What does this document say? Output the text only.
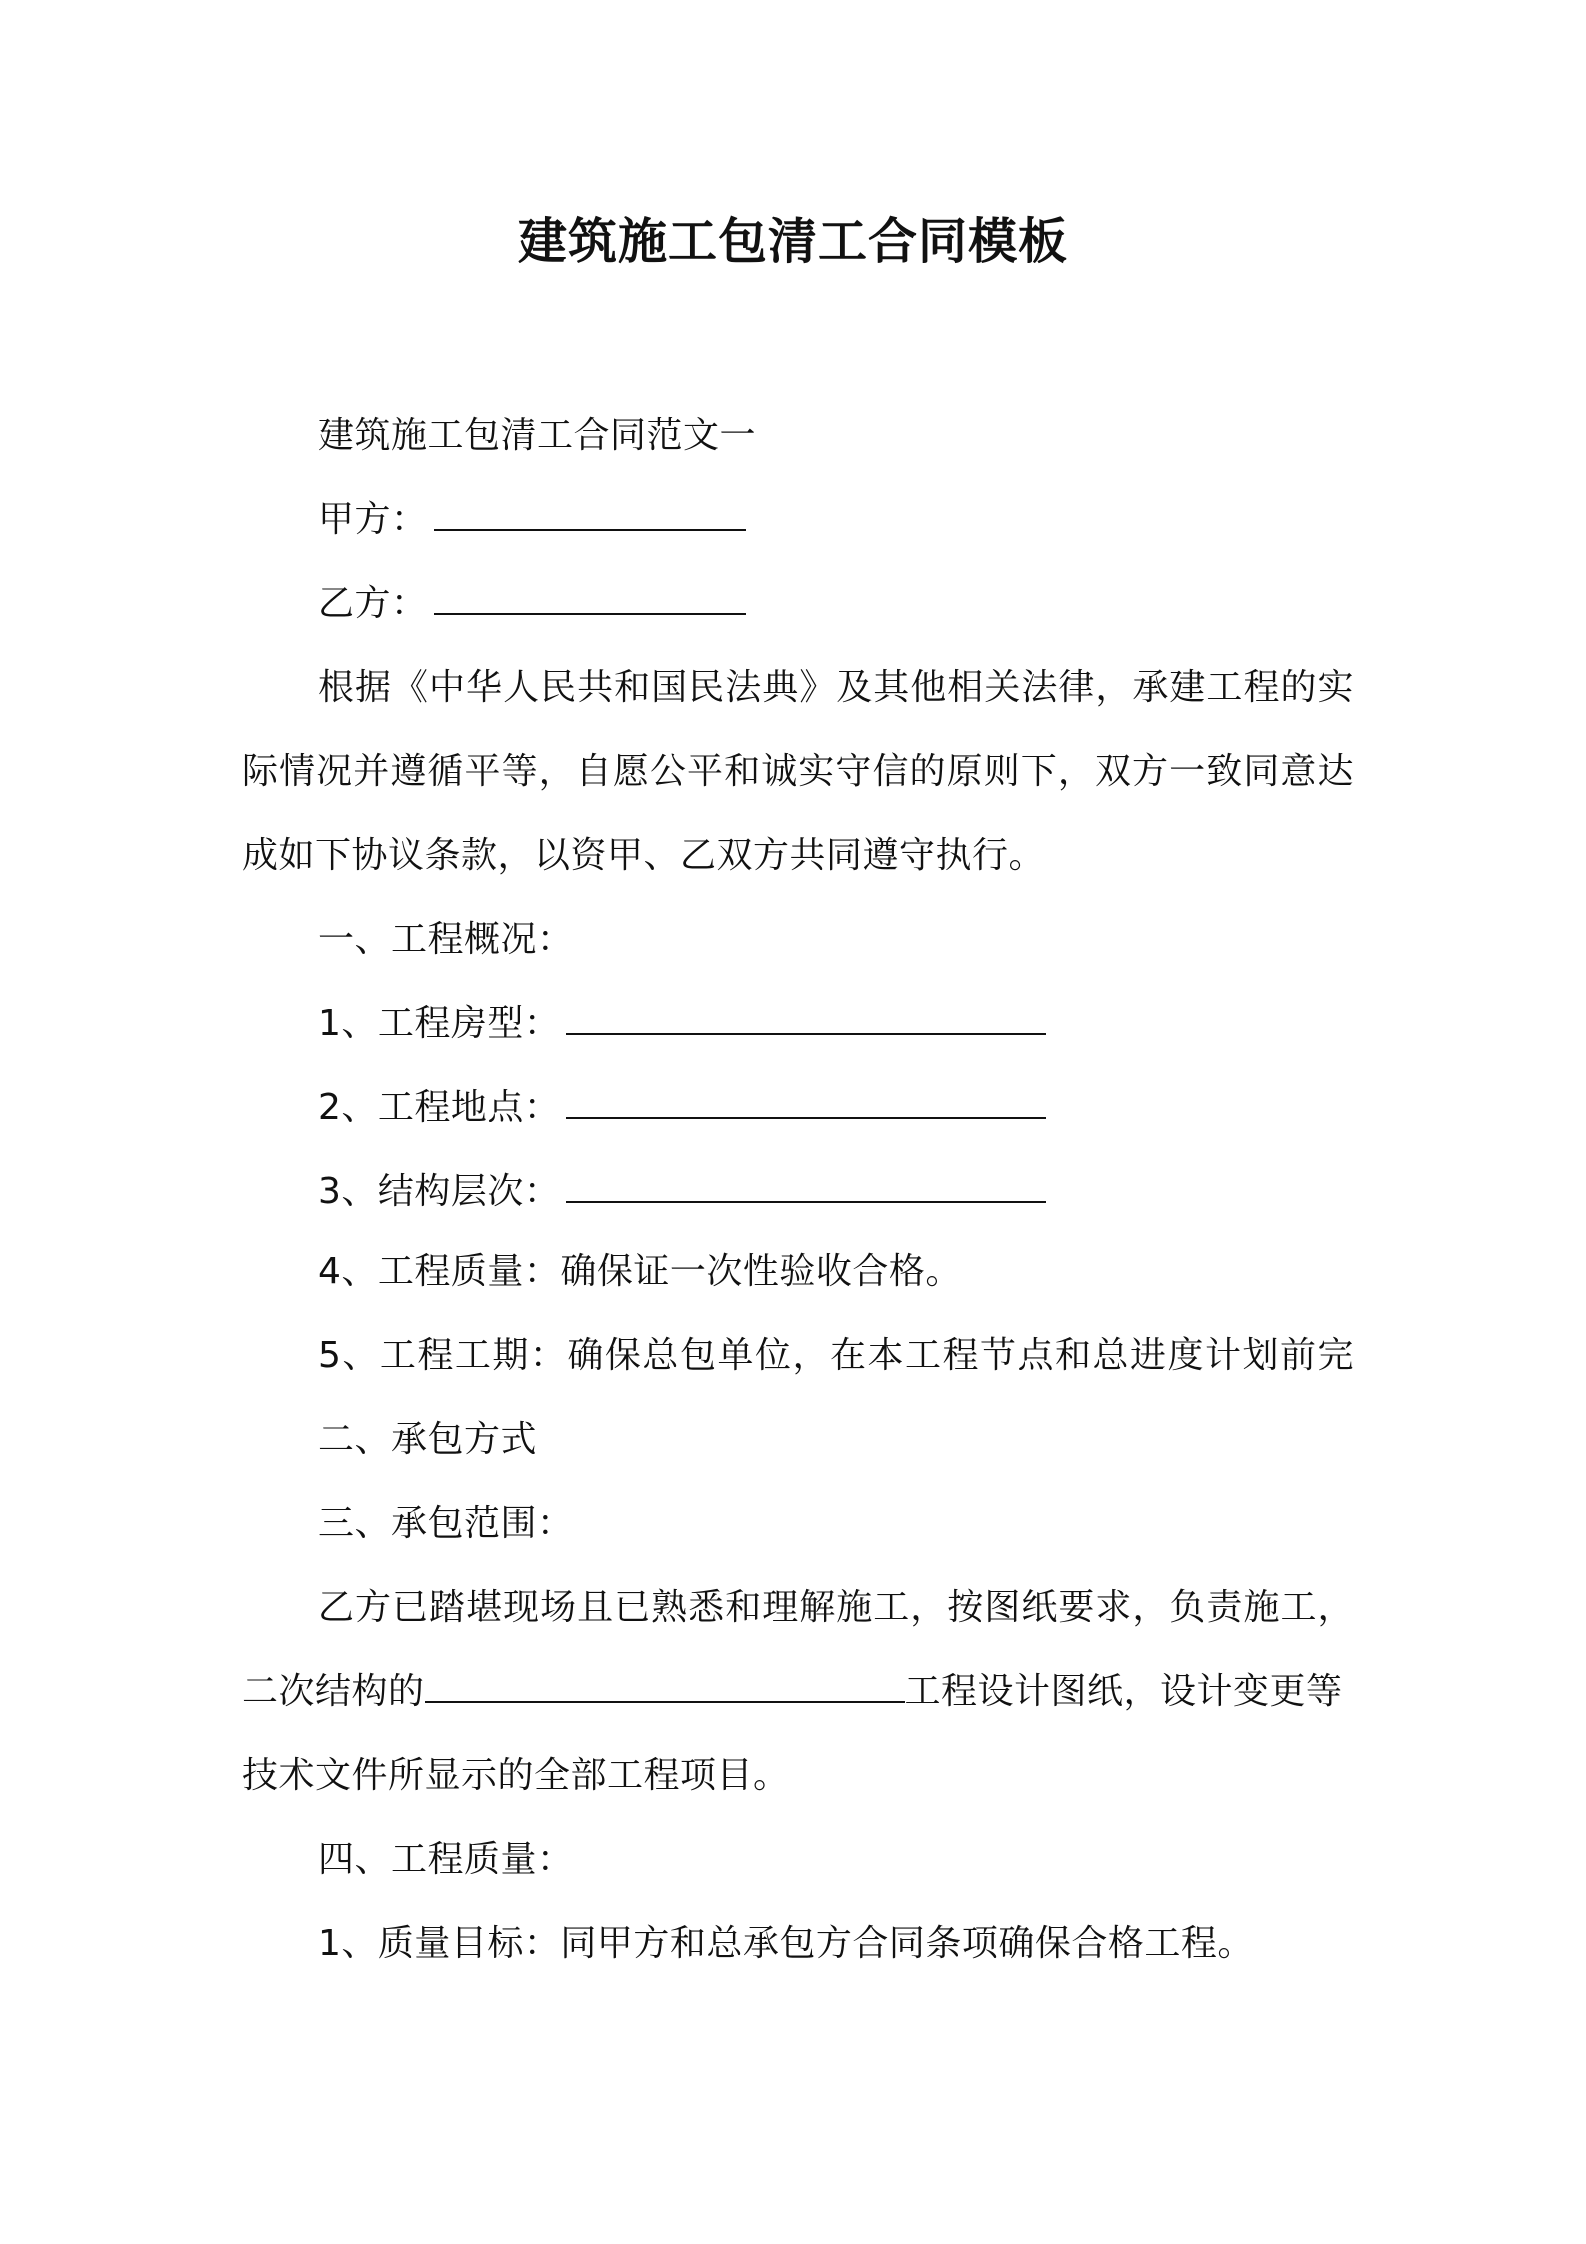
建筑施工包清工合同模板
建筑施工包清工合同范文一
甲方：
乙方：
根据《中华人民共和国民法典》及其他相关法律，承建工程的实
际情况并遵循平等，自愿公平和诚实守信的原则下，双方一致同意达
成如下协议条款，以资甲、乙双方共同遵守执行。
一、工程概况：
1、工程房型：
2、工程地点：
3、结构层次：
4、工程质量：确保证一次性验收合格。
5、工程工期：确保总包单位，在本工程节点和总进度计划前完
二、承包方式
三、承包范围：
乙方已踏堪现场且已熟悉和理解施工，按图纸要求，负责施工，
二次结构的	工程设计图纸，设计变更等
技术文件所显示的全部工程项目。
四、工程质量：
1、质量目标：同甲方和总承包方合同条项确保合格工程。
